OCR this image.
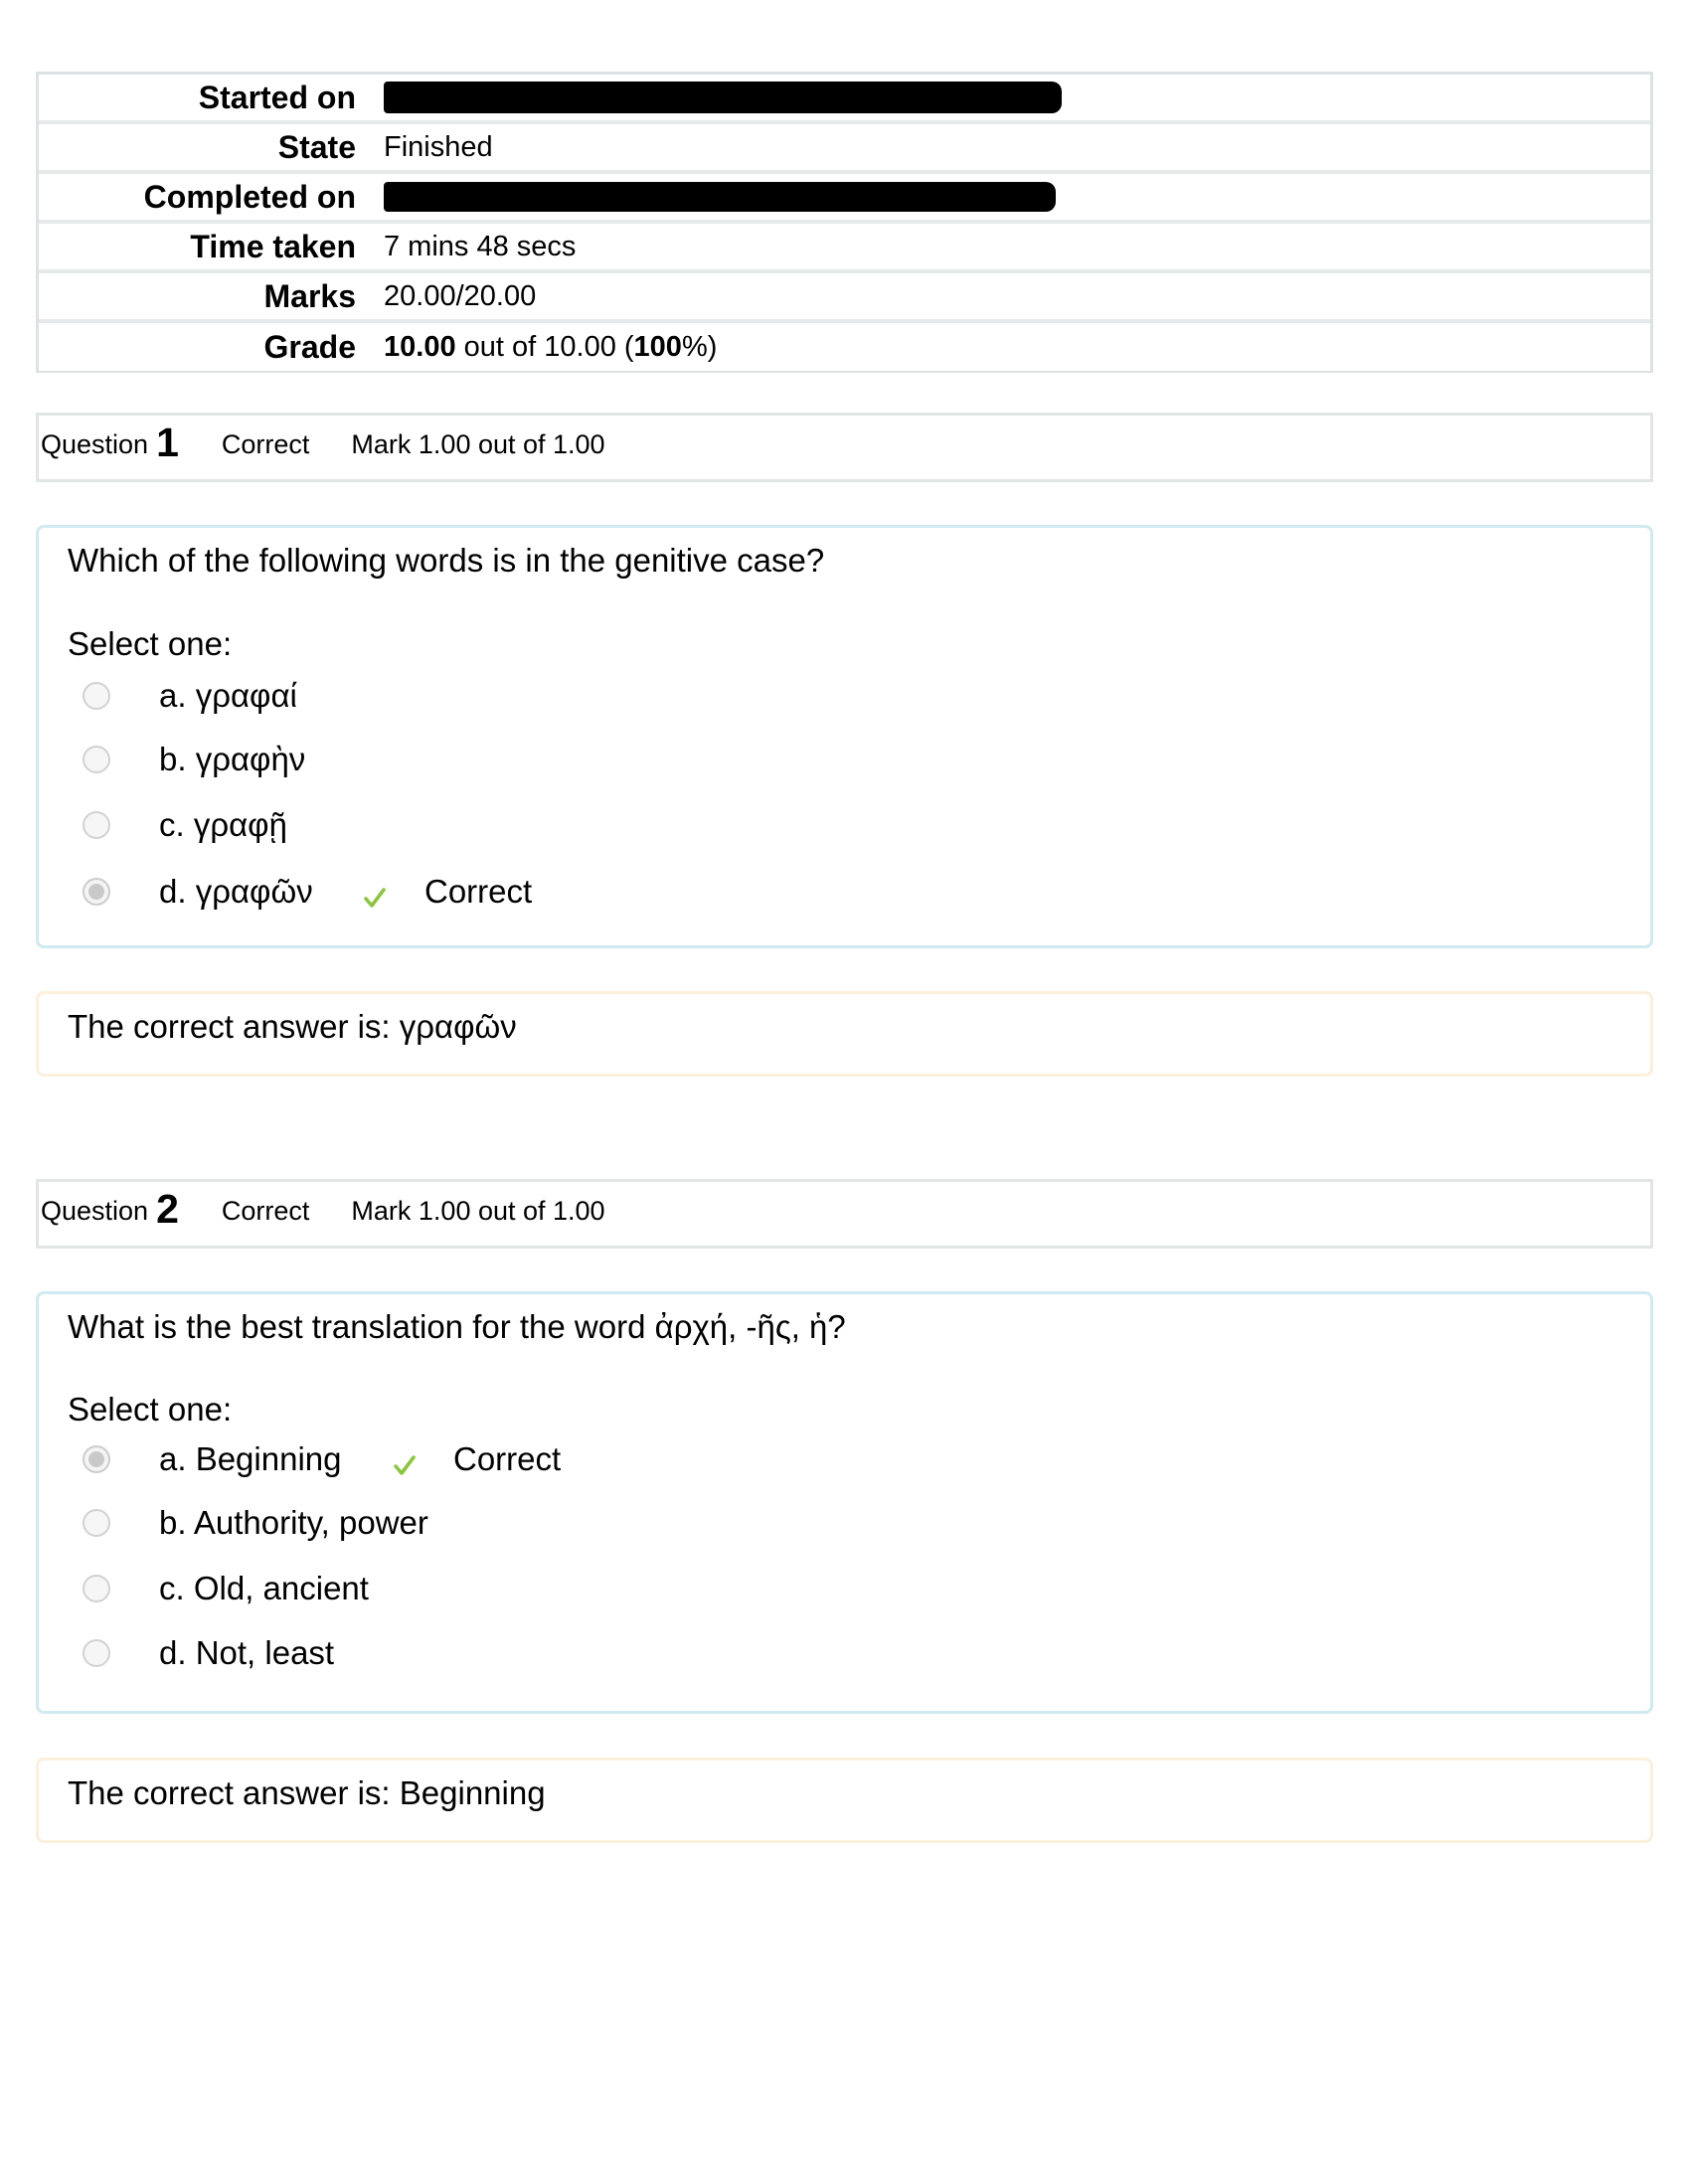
Started on
State Finished
Completed on
Time taken 7 mins 48 secs
Marks 20.00/20.00
Grade 10.00 out of 10.00 ( 100 %)
Question 1 Correct Mark 1.00 out of 1.00
Which of the following words is in the genitive case?
Select one:
a. γραφαί
b. γραφὴν
c. γραφῇ
d. γραφῶν	Correct
The correct answer is: γραφῶν
Question 2 Correct Mark 1.00 out of 1.00
What is the best translation for the word ἀρχή, -ῆς, ἡ?
Select one:
a. Beginning	Correct
b. Authority, power
c. Old, ancient
d. Not, least
The correct answer is: Beginning
